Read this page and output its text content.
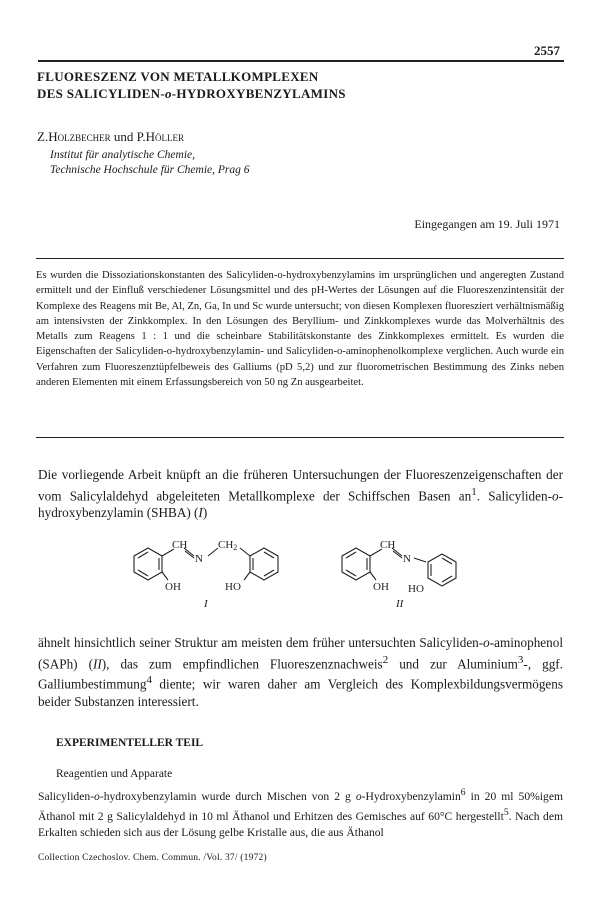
2557
FLUORESZENZ VON METALLKOMPLEXEN
DES SALICYLIDEN-o-HYDROXYBENZYLAMINS
Z.Holzbecher und P.Höller
Institut für analytische Chemie,
Technische Hochschule für Chemie, Prag 6
Eingegangen am 19. Juli 1971
Es wurden die Dissoziationskonstanten des Salicyliden-o-hydroxybenzylamins im ursprünglichen und angeregten Zustand ermittelt und der Einfluß verschiedener Lösungsmittel und des pH-Wertes der Lösungen auf die Fluoreszenzintensität der Komplexe des Reagens mit Be, Al, Zn, Ga, In und Sc wurde untersucht; von diesen Komplexen fluoresziert verhältnismäßig am intensivsten der Zinkkomplex. In den Lösungen des Beryllium- und Zinkkomplexes wurde das Molverhältnis des Metalls zum Reagens 1 : 1 und die scheinbare Stabilitätskonstante des Zinkkomplexes ermittelt. Es wurden die Eigenschaften der Salicyliden-o-hydroxybenzylamin- und Salicyliden-o-aminophenolkomplexe verglichen. Auch wurde ein Verfahren zum Fluoreszenztüpfelbeweis des Galliums (pD 5,2) und zur fluorometrischen Bestimmung des Zinks neben anderen Elementen mit einem Erfassungsbereich von 50 ng Zn ausgearbeitet.
Die vorliegende Arbeit knüpft an die früheren Untersuchungen der Fluoreszenzeigenschaften der vom Salicylaldehyd abgeleiteten Metallkomplexe der Schiffschen Basen $an^1$. Salicyliden-o-hydroxybenzylamin (SHBA) (I)
CH
N
CH2
OH	HO
I
CH
N
OH HO
II
ähnelt hinsichtlich seiner Struktur am meisten dem früher untersuchten Salicyliden-o-aminophenol (SAPh) (II), das zum empfindlichen Fluoreszenznachweis$^2$ und zur Aluminium$^3$-, ggf. Galliumbestimmung$^4$ diente; wir waren daher am Vergleich des Komplexbildungsvermögens beider Substanzen interessiert.
EXPERIMENTELLER TEIL
Reagentien und Apparate
Salicyliden-o-hydroxybenzylamin wurde durch Mischen von 2 g o-Hydroxybenzylamin$^6$ in 20 ml 50%igem Äthanol mit 2 g Salicylaldehyd in 10 ml Äthanol und Erhitzen des Gemisches auf 60°C hergestellt$^5$. Nach dem Erkalten schieden sich aus der Lösung gelbe Kristalle aus, die aus Äthanol
Collection Czechoslov. Chem. Commun. /Vol. 37/ (1972)
